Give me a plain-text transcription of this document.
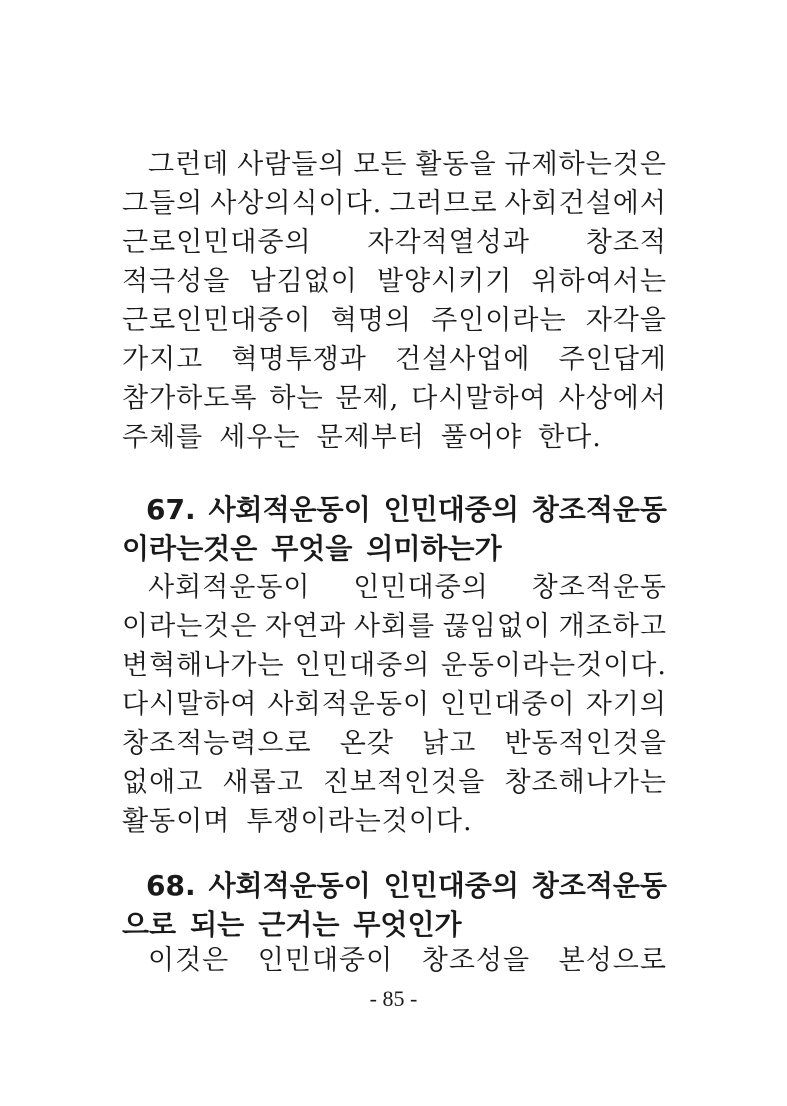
그런데 사람들의 모든 활동을 규제하는것은
그들의 사상의식이다. 그러므로 사회건설에서
근로인민대중의 자각적열성과 창조적
적극성을 남김없이 발양시키기 위하여서는
근로인민대중이 혁명의 주인이라는 자각을
가지고 혁명투쟁과 건설사업에 주인답게
참가하도록 하는 문제, 다시말하여 사상에서
주체를 세우는 문제부터 풀어야 한다.
67. 사회적운동이 인민대중의 창조적운동
이라는것은 무엇을 의미하는가
사회적운동이 인민대중의 창조적운동
이라는것은 자연과 사회를 끊임없이 개조하고
변혁해나가는 인민대중의 운동이라는것이다.
다시말하여 사회적운동이 인민대중이 자기의
창조적능력으로 온갖 낡고 반동적인것을
없애고 새롭고 진보적인것을 창조해나가는
활동이며 투쟁이라는것이다.
68. 사회적운동이 인민대중의 창조적운동
으로 되는 근거는 무엇인가
이것은 인민대중이 창조성을 본성으로
- 85 -
